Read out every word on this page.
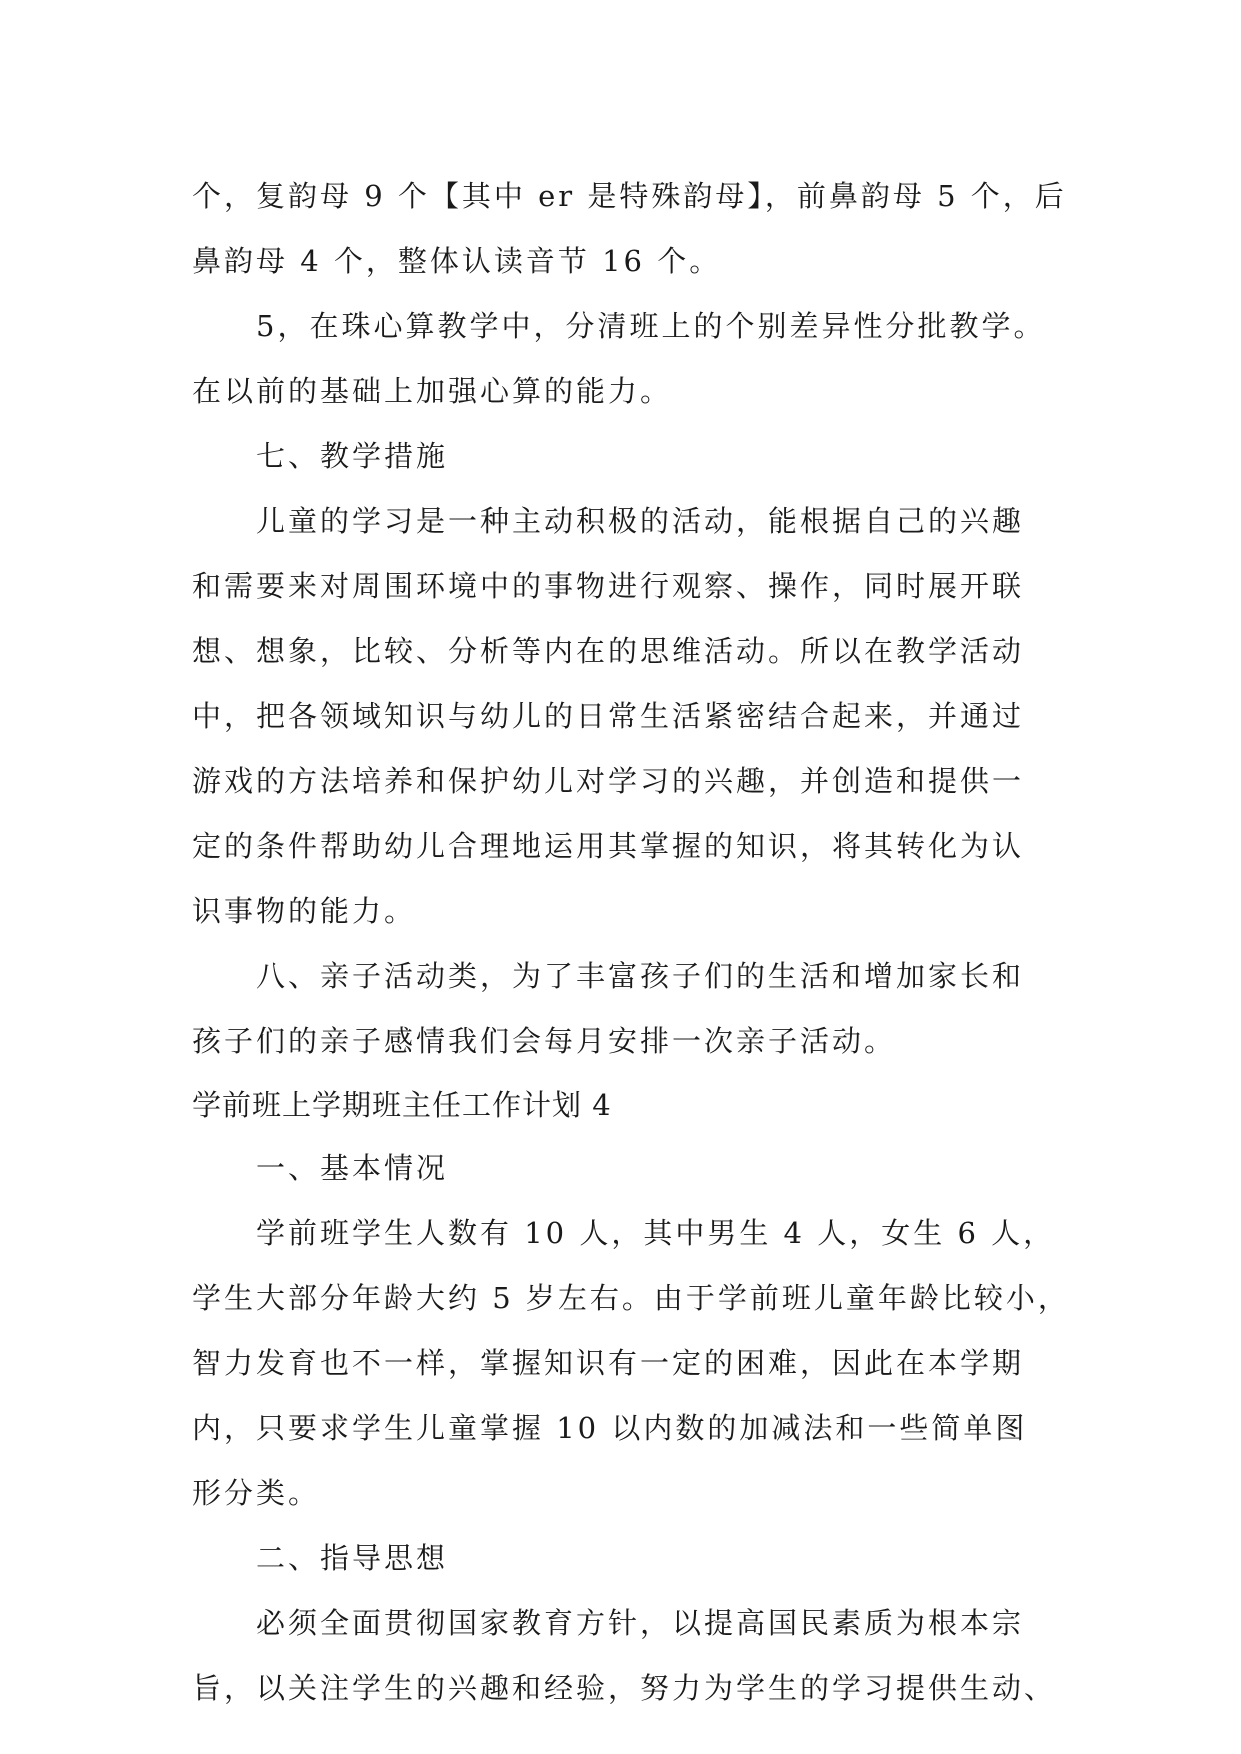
个，复韵母 9 个【其中 er 是特殊韵母】，前鼻韵母 5 个，后
鼻韵母 4 个，整体认读音节 16 个。
5，在珠心算教学中，分清班上的个别差异性分批教学。
在以前的基础上加强心算的能力。
七、教学措施
儿童的学习是一种主动积极的活动，能根据自己的兴趣
和需要来对周围环境中的事物进行观察、操作，同时展开联
想、想象，比较、分析等内在的思维活动。所以在教学活动
中，把各领域知识与幼儿的日常生活紧密结合起来，并通过
游戏的方法培养和保护幼儿对学习的兴趣，并创造和提供一
定的条件帮助幼儿合理地运用其掌握的知识，将其转化为认
识事物的能力。
八、亲子活动类，为了丰富孩子们的生活和增加家长和
孩子们的亲子感情我们会每月安排一次亲子活动。
学前班上学期班主任工作计划 4
一、基本情况
学前班学生人数有 10 人，其中男生 4 人，女生 6 人，
学生大部分年龄大约 5 岁左右。由于学前班儿童年龄比较小，
智力发育也不一样，掌握知识有一定的困难，因此在本学期
内，只要求学生儿童掌握 10 以内数的加减法和一些简单图
形分类。
二、指导思想
必须全面贯彻国家教育方针，以提高国民素质为根本宗
旨，以关注学生的兴趣和经验，努力为学生的学习提供生动、
